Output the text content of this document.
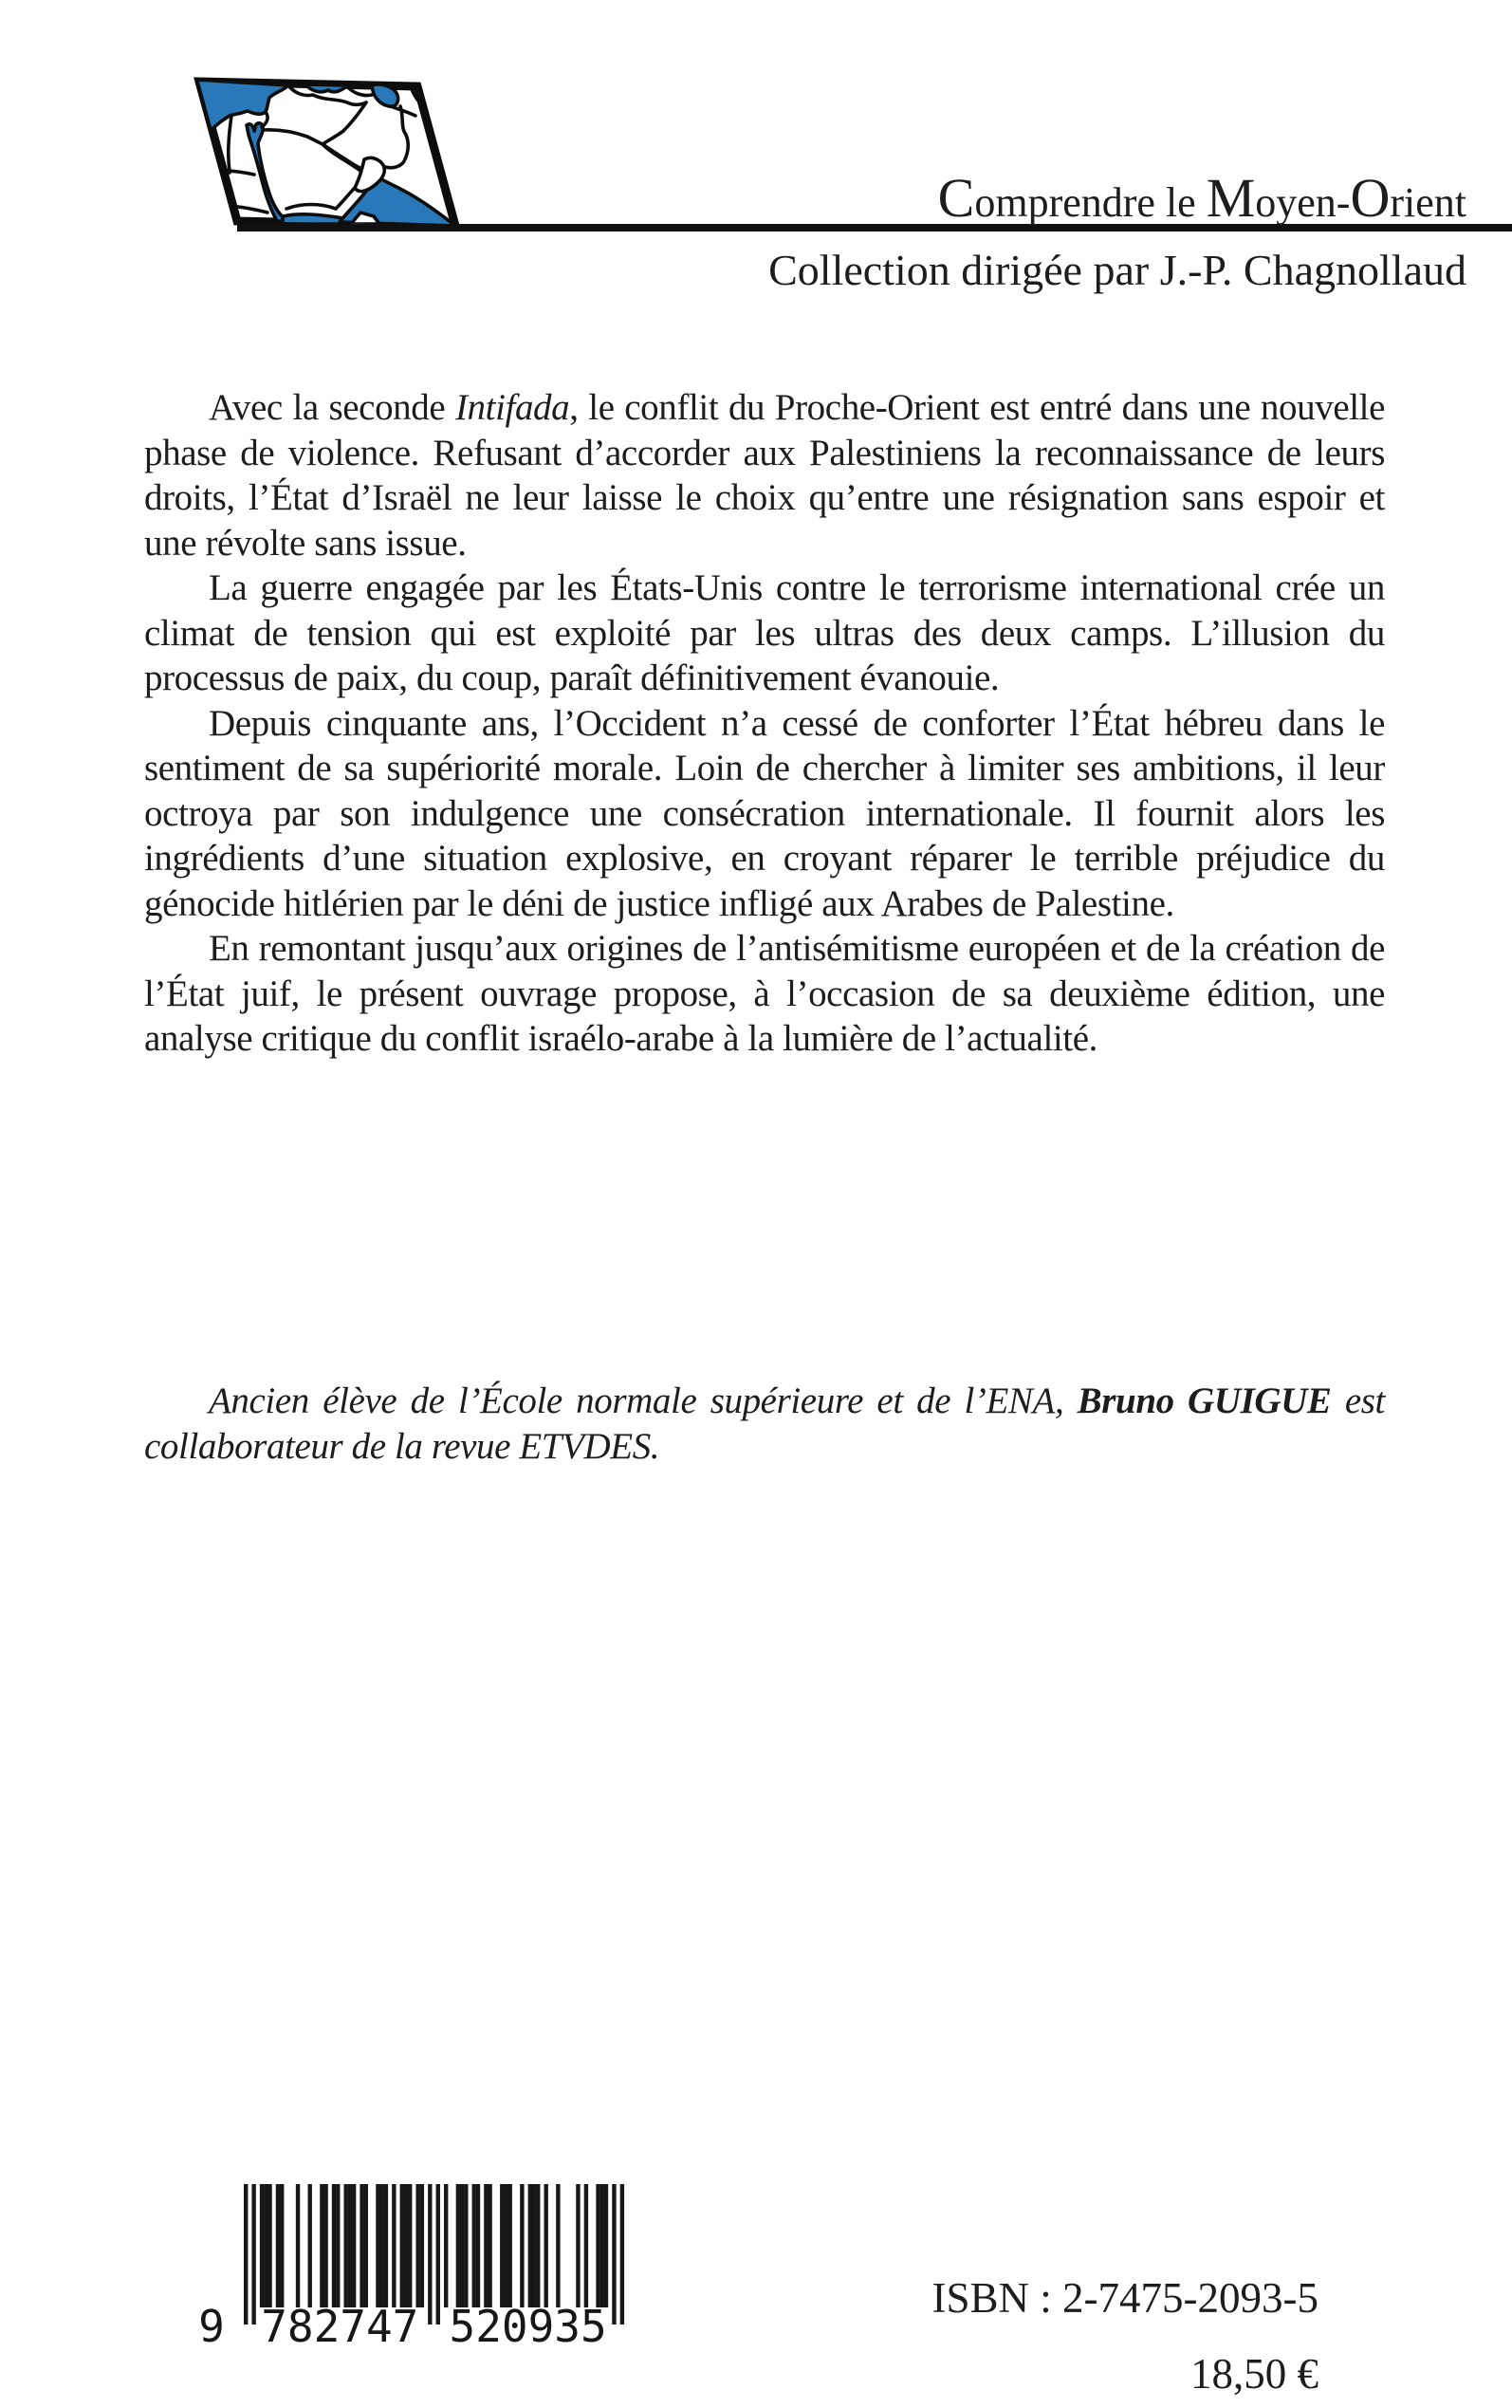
Comprendre le Moyen-Orient
Collection dirigée par J.-P. Chagnollaud

Avec la seconde Intifada, le conflit du Proche-Orient est entré dans une nouvelle phase de violence. Refusant d’accorder aux Palestiniens la reconnaissance de leurs droits, l’État d’Israël ne leur laisse le choix qu’entre une résignation sans espoir et une révolte sans issue.

La guerre engagée par les États-Unis contre le terrorisme international crée un climat de tension qui est exploité par les ultras des deux camps. L’illusion du processus de paix, du coup, paraît définitivement évanouie.

Depuis cinquante ans, l’Occident n’a cessé de conforter l’État hébreu dans le sentiment de sa supériorité morale. Loin de chercher à limiter ses ambitions, il leur octroya par son indulgence une consécration internationale. Il fournit alors les ingrédients d’une situation explosive, en croyant réparer le terrible préjudice du génocide hitlérien par le déni de justice infligé aux Arabes de Palestine.

En remontant jusqu’aux origines de l’antisémitisme européen et de la création de l’État juif, le présent ouvrage propose, à l’occasion de sa deuxième édition, une analyse critique du conflit israélo-arabe à la lumière de l’actualité.

Ancien élève de l’École normale supérieure et de l’ENA, Bruno GUIGUE est collaborateur de la revue ETVDES.

9 782747 520935
ISBN : 2-7475-2093-5
18,50 €
